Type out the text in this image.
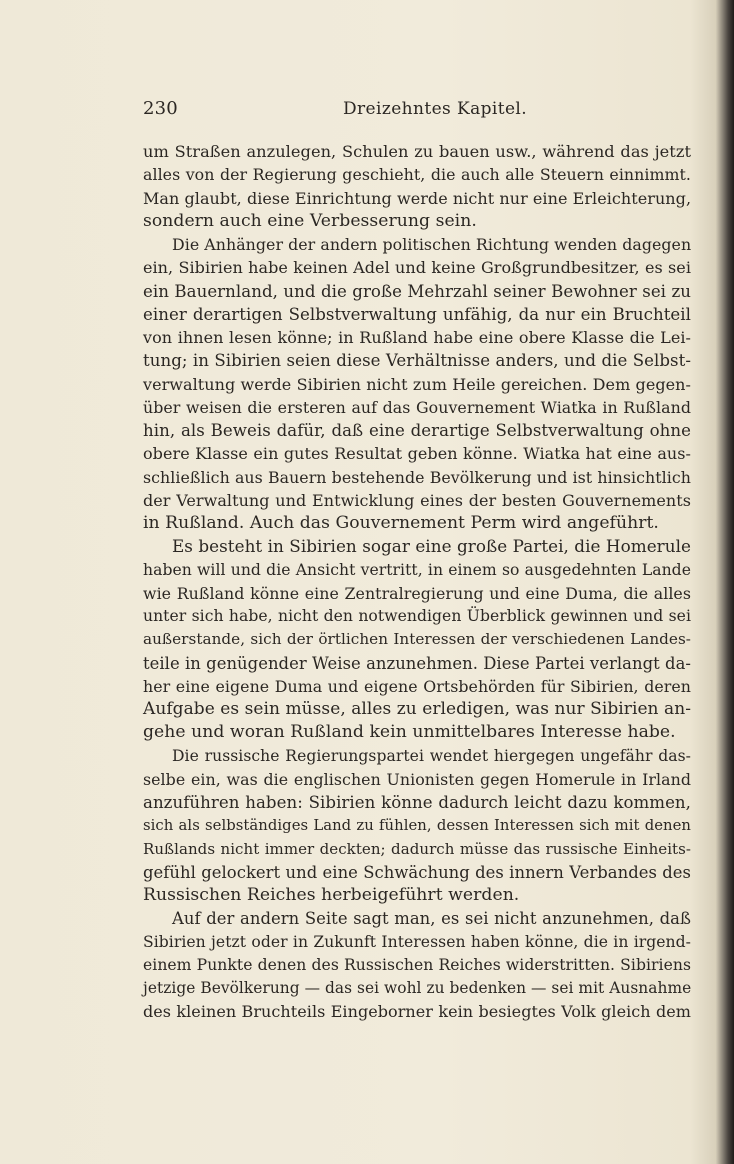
230	Dreizehntes Kapitel.
um Straßen anzulegen, Schulen zu bauen usw., während das jetzt
alles von der Regierung geschieht, die auch alle Steuern einnimmt.
Man glaubt, diese Einrichtung werde nicht nur eine Erleichterung,
sondern auch eine Verbesserung sein.
Die Anhänger der andern politischen Richtung wenden dagegen
ein, Sibirien habe keinen Adel und keine Großgrundbesitzer, es sei
ein Bauernland, und die große Mehrzahl seiner Bewohner sei zu
einer derartigen Selbstverwaltung unfähig, da nur ein Bruchteil
von ihnen lesen könne; in Rußland habe eine obere Klasse die Lei-
tung; in Sibirien seien diese Verhältnisse anders, und die Selbst-
verwaltung werde Sibirien nicht zum Heile gereichen. Dem gegen-
über weisen die ersteren auf das Gouvernement Wiatka in Rußland
hin, als Beweis dafür, daß eine derartige Selbstverwaltung ohne
obere Klasse ein gutes Resultat geben könne. Wiatka hat eine aus-
schließlich aus Bauern bestehende Bevölkerung und ist hinsichtlich
der Verwaltung und Entwicklung eines der besten Gouvernements
in Rußland. Auch das Gouvernement Perm wird angeführt.
Es besteht in Sibirien sogar eine große Partei, die Homerule
haben will und die Ansicht vertritt, in einem so ausgedehnten Lande
wie Rußland könne eine Zentralregierung und eine Duma, die alles
unter sich habe, nicht den notwendigen Überblick gewinnen und sei
außerstande, sich der örtlichen Interessen der verschiedenen Landes-
teile in genügender Weise anzunehmen. Diese Partei verlangt da-
her eine eigene Duma und eigene Ortsbehörden für Sibirien, deren
Aufgabe es sein müsse, alles zu erledigen, was nur Sibirien an-
gehe und woran Rußland kein unmittelbares Interesse habe.
Die russische Regierungspartei wendet hiergegen ungefähr das-
selbe ein, was die englischen Unionisten gegen Homerule in Irland
anzuführen haben: Sibirien könne dadurch leicht dazu kommen,
sich als selbständiges Land zu fühlen, dessen Interessen sich mit denen
Rußlands nicht immer deckten; dadurch müsse das russische Einheits-
gefühl gelockert und eine Schwächung des innern Verbandes des
Russischen Reiches herbeigeführt werden.
Auf der andern Seite sagt man, es sei nicht anzunehmen, daß
Sibirien jetzt oder in Zukunft Interessen haben könne, die in irgend-
einem Punkte denen des Russischen Reiches widerstritten. Sibiriens
jetzige Bevölkerung — das sei wohl zu bedenken — sei mit Ausnahme
des kleinen Bruchteils Eingeborner kein besiegtes Volk gleich dem
